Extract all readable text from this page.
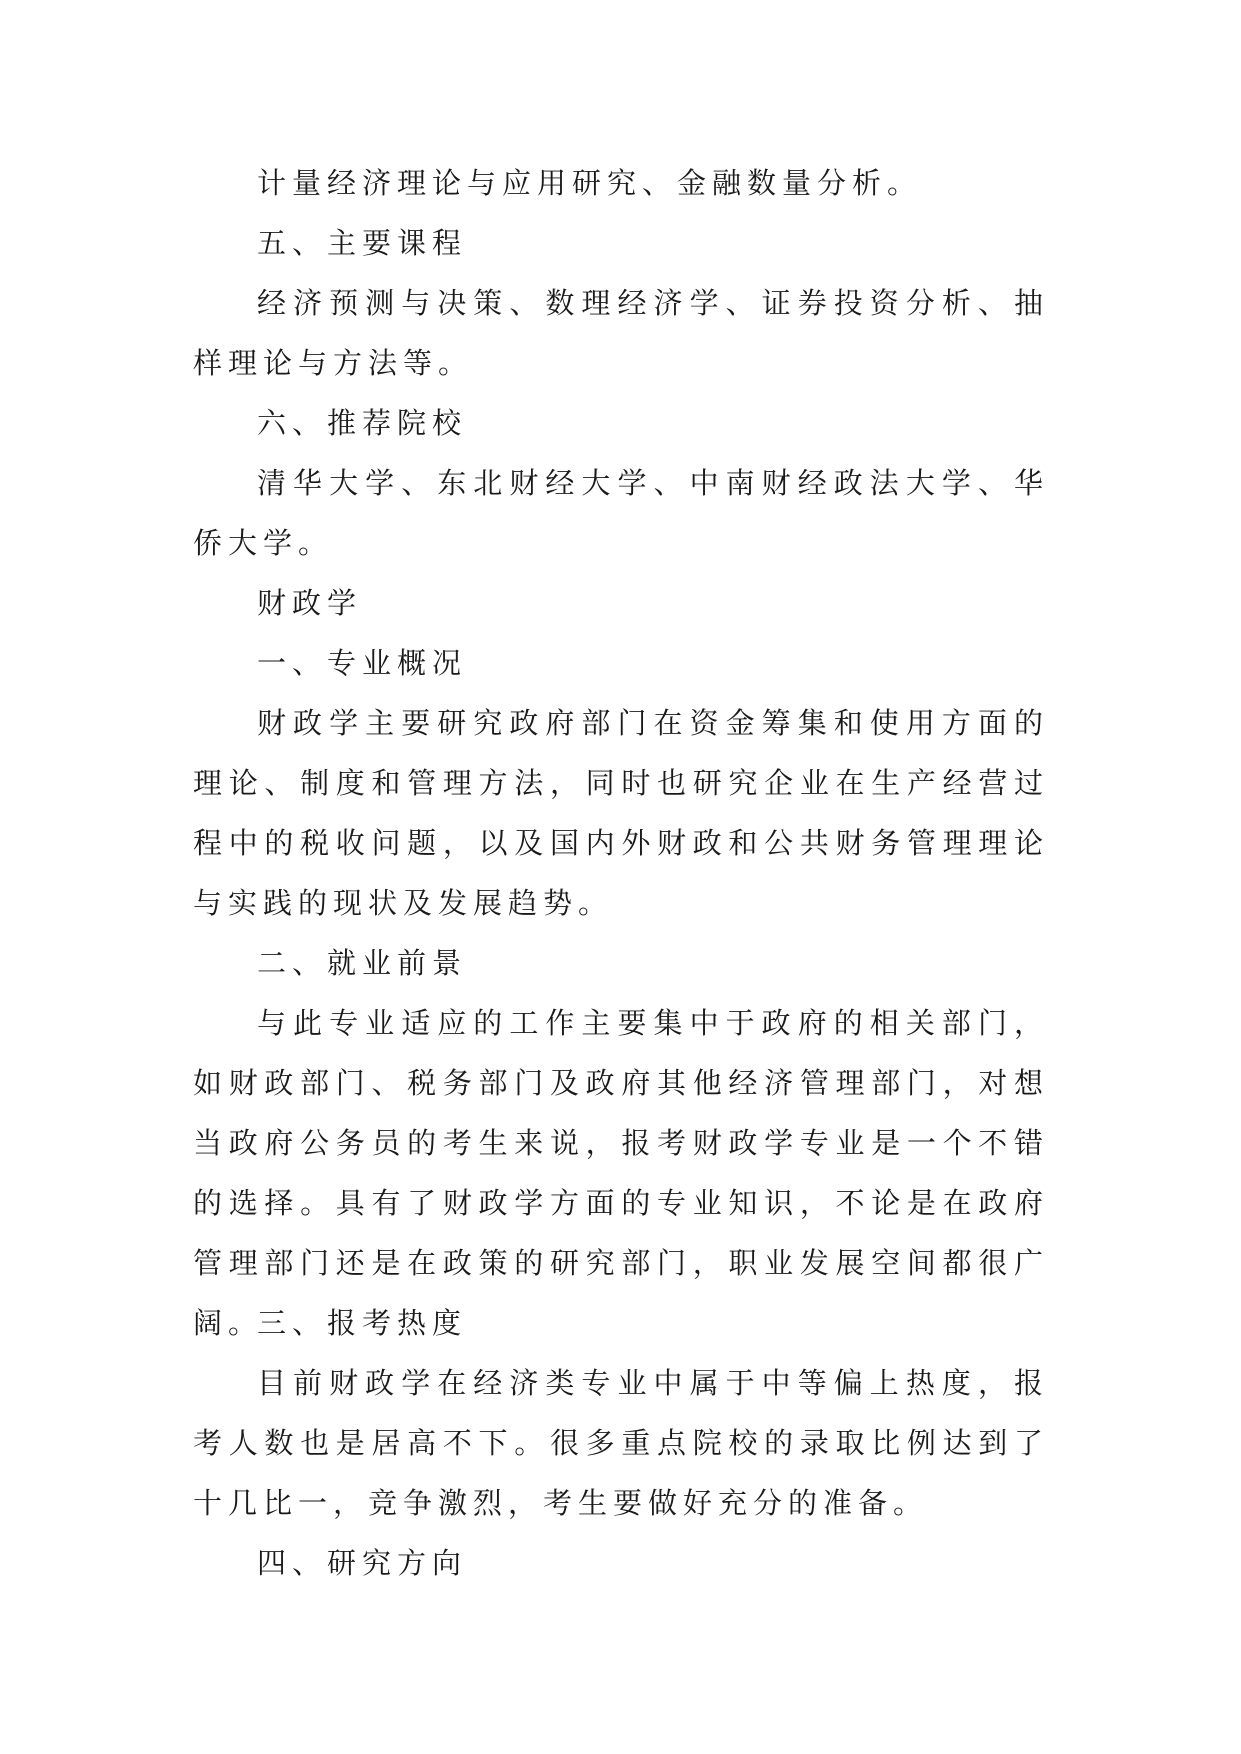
计量经济理论与应用研究、金融数量分析。

五、主要课程

经济预测与决策、数理经济学、证券投资分析、抽样理论与方法等。

六、推荐院校

清华大学、东北财经大学、中南财经政法大学、华侨大学。

财政学

一、专业概况

财政学主要研究政府部门在资金筹集和使用方面的理论、制度和管理方法，同时也研究企业在生产经营过程中的税收问题，以及国内外财政和公共财务管理理论与实践的现状及发展趋势。

二、就业前景

与此专业适应的工作主要集中于政府的相关部门，如财政部门、税务部门及政府其他经济管理部门，对想当政府公务员的考生来说，报考财政学专业是一个不错的选择。具有了财政学方面的专业知识，不论是在政府管理部门还是在政策的研究部门，职业发展空间都很广阔。

三、报考热度

目前财政学在经济类专业中属于中等偏上热度，报考人数也是居高不下。很多重点院校的录取比例达到了十几比一，竞争激烈，考生要做好充分的准备。

四、研究方向
